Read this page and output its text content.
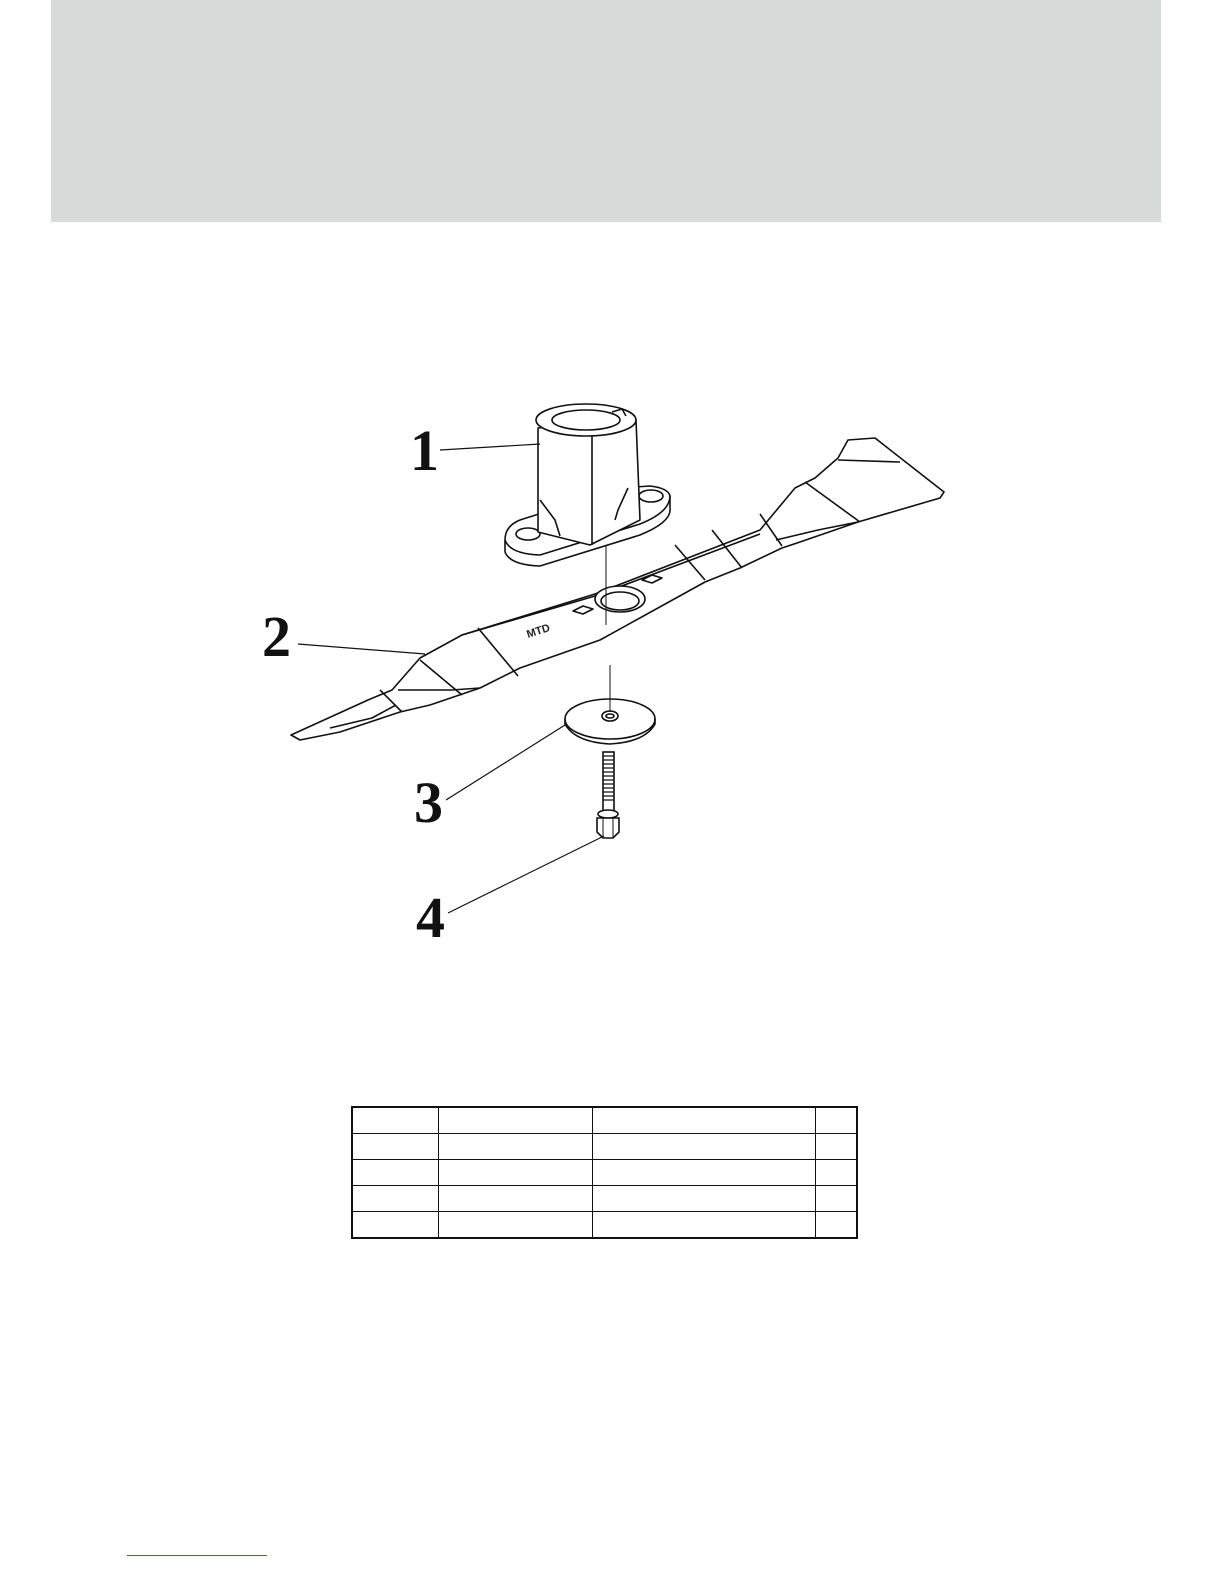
MTD
1
2
3
4
